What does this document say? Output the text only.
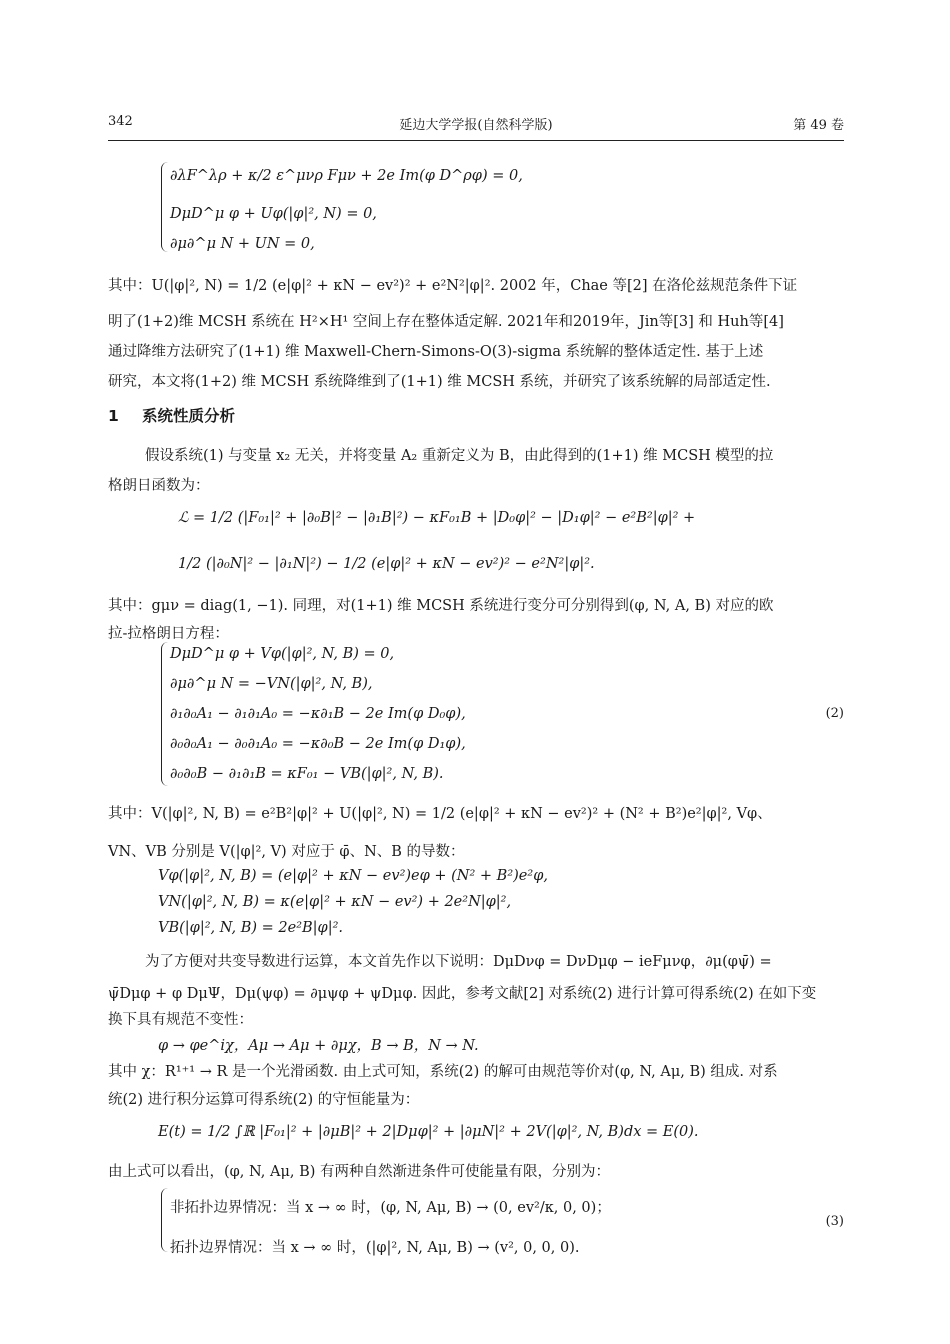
342	延边大学学报(自然科学版)	第 49 卷
∂λF^λρ + κ/2 ε^μνρ Fμν + 2e Im(φ D^ρφ) = 0,
DμD^μ φ + Uφ(|φ|², N) = 0,
∂μ∂^μ N + UN = 0,
其中：U(|φ|², N) = 1/2 (e|φ|² + κN − ev²)² + e²N²|φ|². 2002 年，Chae 等[2] 在洛伦兹规范条件下证
明了(1+2)维 MCSH 系统在 H²×H¹ 空间上存在整体适定解. 2021年和2019年，Jin等[3] 和 Huh等[4]
通过降维方法研究了(1+1) 维 Maxwell-Chern-Simons-O(3)-sigma 系统解的整体适定性. 基于上述
研究，本文将(1+2) 维 MCSH 系统降维到了(1+1) 维 MCSH 系统，并研究了该系统解的局部适定性.
1 系统性质分析
假设系统(1) 与变量 x₂ 无关，并将变量 A₂ 重新定义为 B，由此得到的(1+1) 维 MCSH 模型的拉
格朗日函数为：
ℒ = 1/2 (|F₀₁|² + |∂₀B|² − |∂₁B|²) − κF₀₁B + |D₀φ|² − |D₁φ|² − e²B²|φ|² +
1/2 (|∂₀N|² − |∂₁N|²) − 1/2 (e|φ|² + κN − ev²)² − e²N²|φ|².
其中：gμν = diag(1, −1). 同理，对(1+1) 维 MCSH 系统进行变分可分别得到(φ, N, A, B) 对应的欧
拉-拉格朗日方程：
DμD^μ φ + Vφ(|φ|², N, B) = 0,
∂μ∂^μ N = −VN(|φ|², N, B),
∂₁∂₀A₁ − ∂₁∂₁A₀ = −κ∂₁B − 2e Im(φ D₀φ),
∂₀∂₀A₁ − ∂₀∂₁A₀ = −κ∂₀B − 2e Im(φ D₁φ),
∂₀∂₀B − ∂₁∂₁B = κF₀₁ − VB(|φ|², N, B).
(2)
其中：V(|φ|², N, B) = e²B²|φ|² + U(|φ|², N) = 1/2 (e|φ|² + κN − ev²)² + (N² + B²)e²|φ|², Vφ、
VN、VB 分别是 V(|φ|², V) 对应于 φ̄、N、B 的导数：
Vφ(|φ|², N, B) = (e|φ|² + κN − ev²)eφ + (N² + B²)e²φ,
VN(|φ|², N, B) = κ(e|φ|² + κN − ev²) + 2e²N|φ|²,
VB(|φ|², N, B) = 2e²B|φ|².
为了方便对共变导数进行运算，本文首先作以下说明：DμDνφ = DνDμφ − ieFμνφ，∂μ(φψ̄) =
ψ̄Dμφ + φ DμΨ，Dμ(ψφ) = ∂μψφ + ψDμφ. 因此，参考文献[2] 对系统(2) 进行计算可得系统(2) 在如下变
换下具有规范不变性：
φ → φe^iχ，Aμ → Aμ + ∂μχ，B → B，N → N.
其中 χ：R¹⁺¹ → R 是一个光滑函数. 由上式可知，系统(2) 的解可由规范等价对(φ, N, Aμ, B) 组成. 对系
统(2) 进行积分运算可得系统(2) 的守恒能量为：
E(t) = 1/2 ∫ℝ |F₀₁|² + |∂μB|² + 2|Dμφ|² + |∂μN|² + 2V(|φ|², N, B)dx = E(0).
由上式可以看出，(φ, N, Aμ, B) 有两种自然渐进条件可使能量有限，分别为：
非拓扑边界情况：当 x → ∞ 时，(φ, N, Aμ, B) → (0, ev²/κ, 0, 0)；
拓扑边界情况：当 x → ∞ 时，(|φ|², N, Aμ, B) → (v², 0, 0, 0).
(3)
